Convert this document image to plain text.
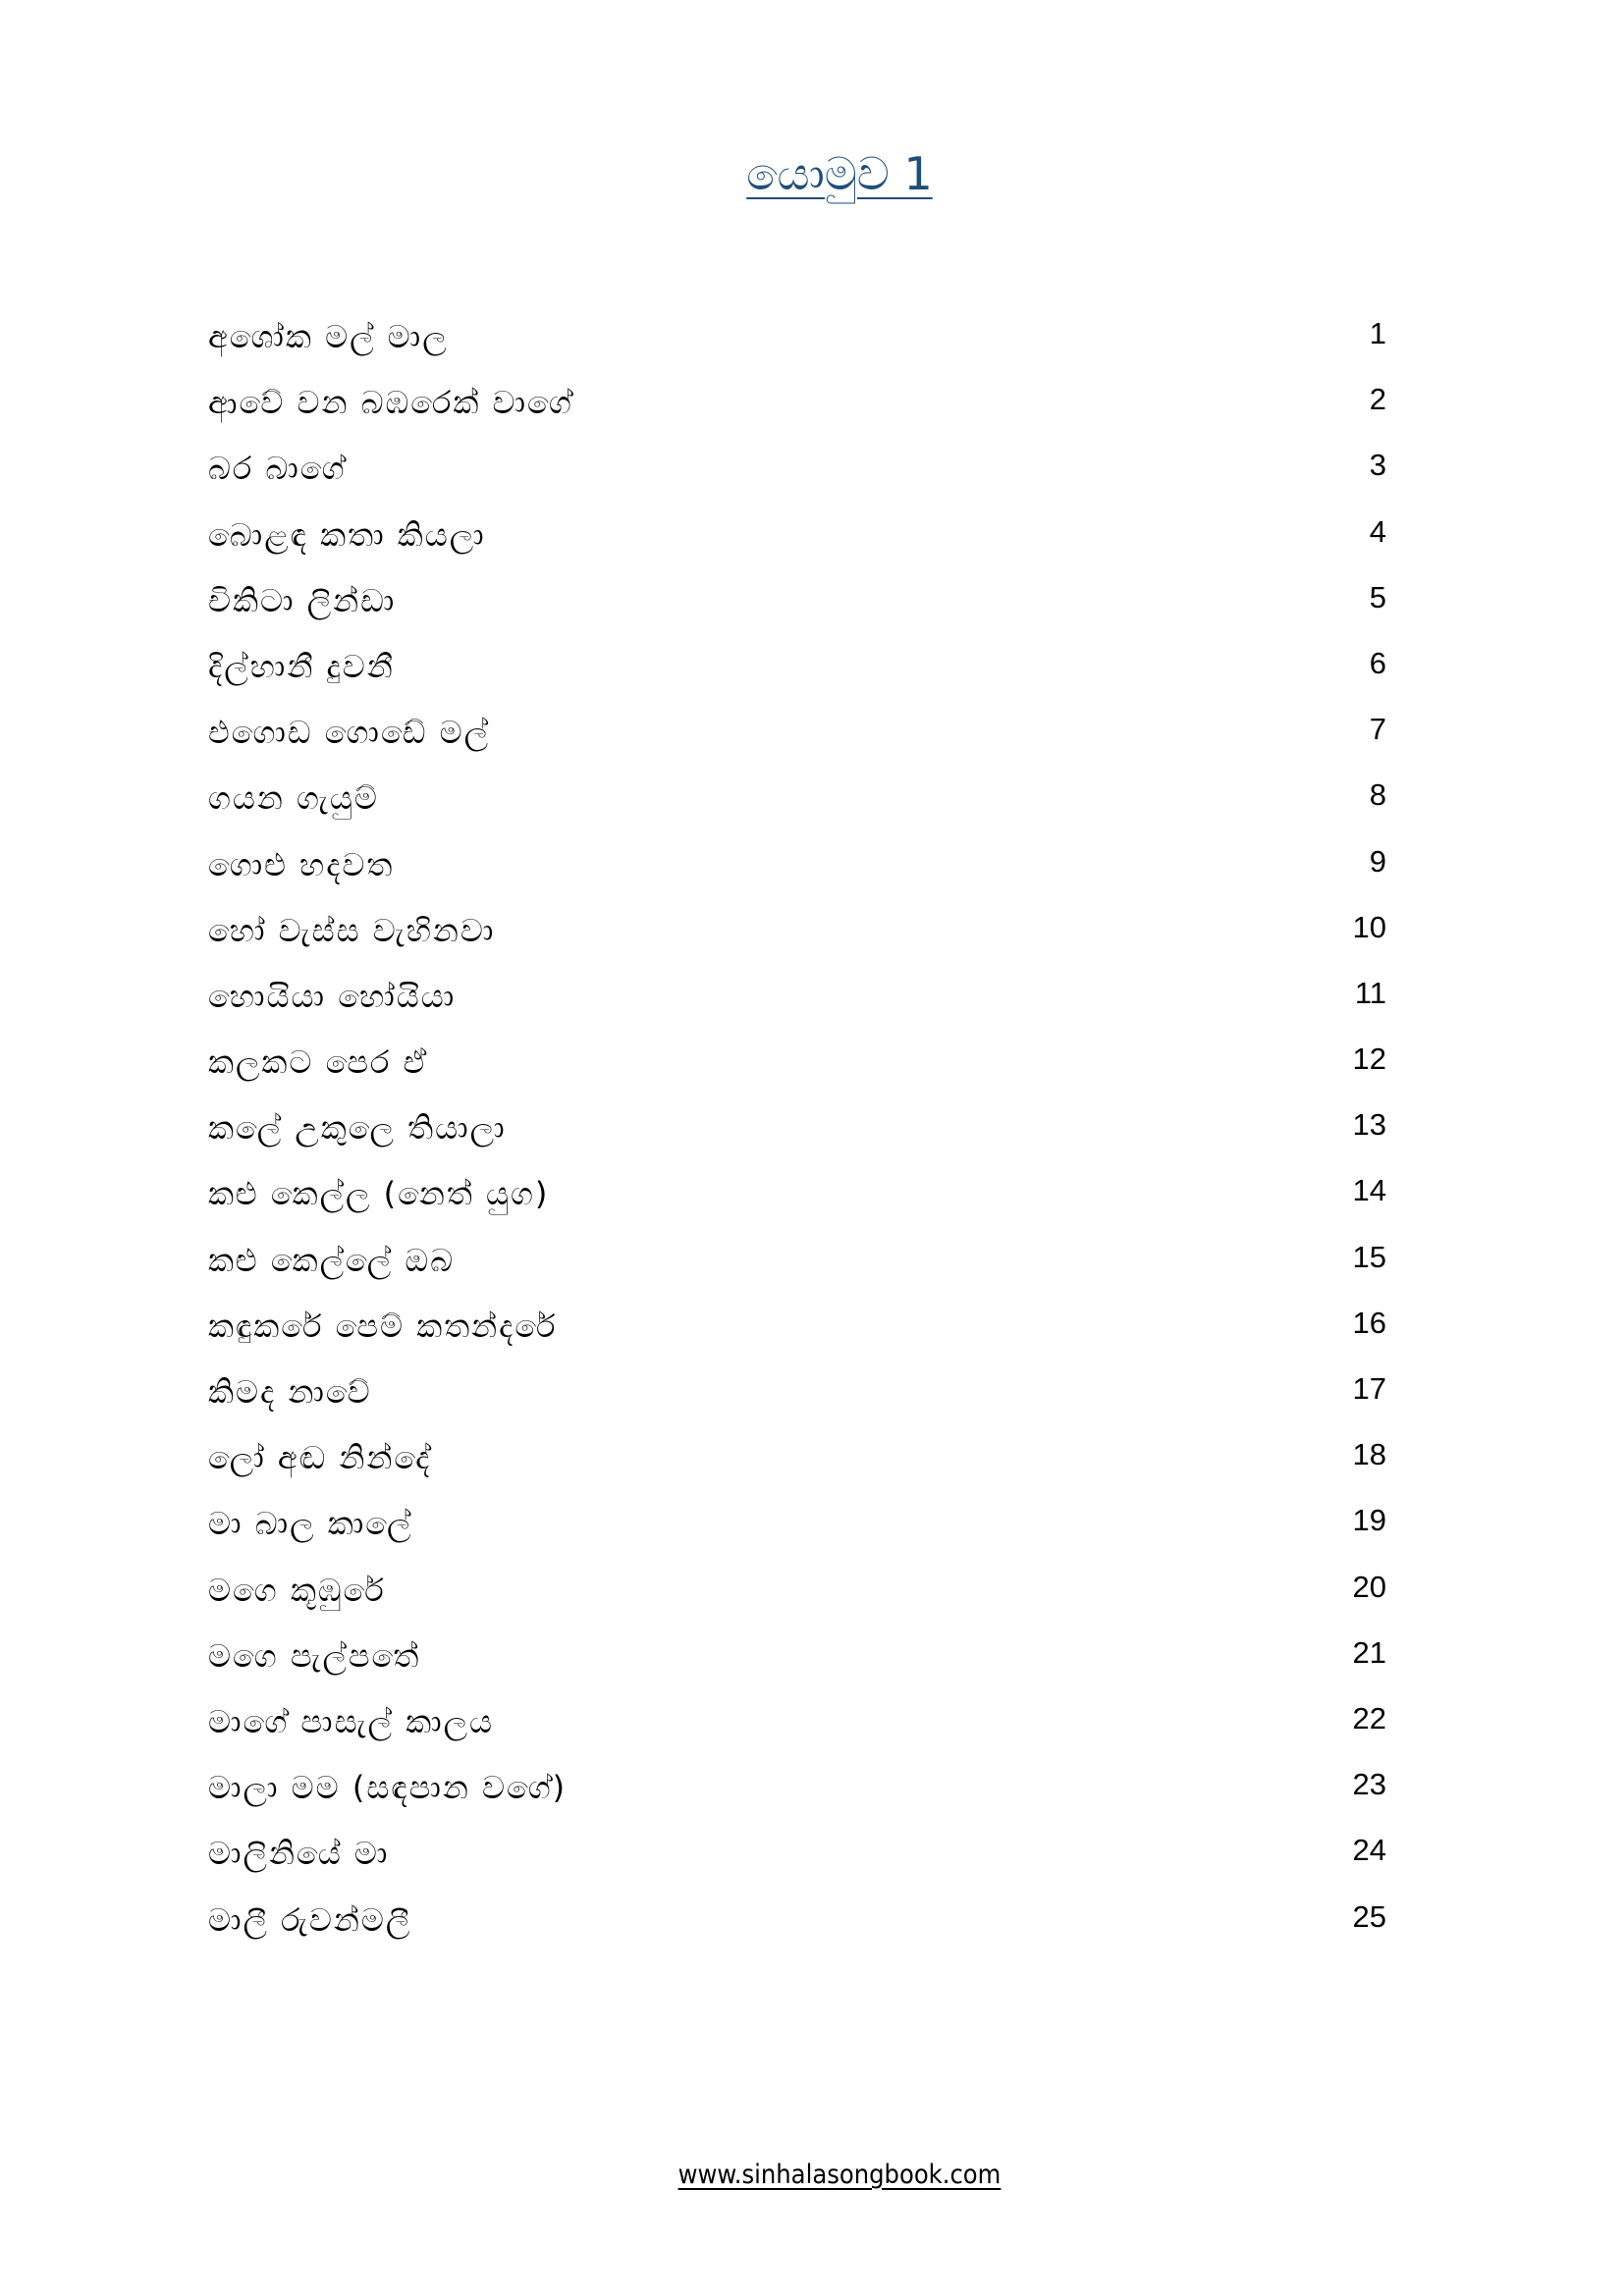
යොමුව 1
අශෝක මල් මාල	1
ආවේ වන බඹරෙක් වාගේ	2
බර බාගේ	3
බොළඳ කතා කියලා	4
චිකිටා ලින්ඩා	5
දිල්හානී දුවනී	6
එගොඩ ගොඩේ මල්	7
ගයන ගැයුම්	8
ගොළු හදවත	9
හෝ වැස්ස වැහිනවා	10
හොයියා හෝයියා	11
කලකට පෙර ඒ	12
කලේ උකුලෙ තියාලා	13
කළු කෙල්ල (නෙත් යුග)	14
කළු කෙල්ලේ ඔබ	15
කඳුකරේ පෙම් කතන්දරේ	16
කිමද නාවේ	17
ලෝ අඬ නින්දේ	18
මා බාල කාලේ	19
මගෙ කූඹුරේ	20
මගෙ පැල්පතේ	21
මාගේ පාසැල් කාලය	22
මාලා මම (සඳපාන වගේ)	23
මාලිනියේ මා	24
මාලී රුවන්මලී	25
www.sinhalasongbook.com
